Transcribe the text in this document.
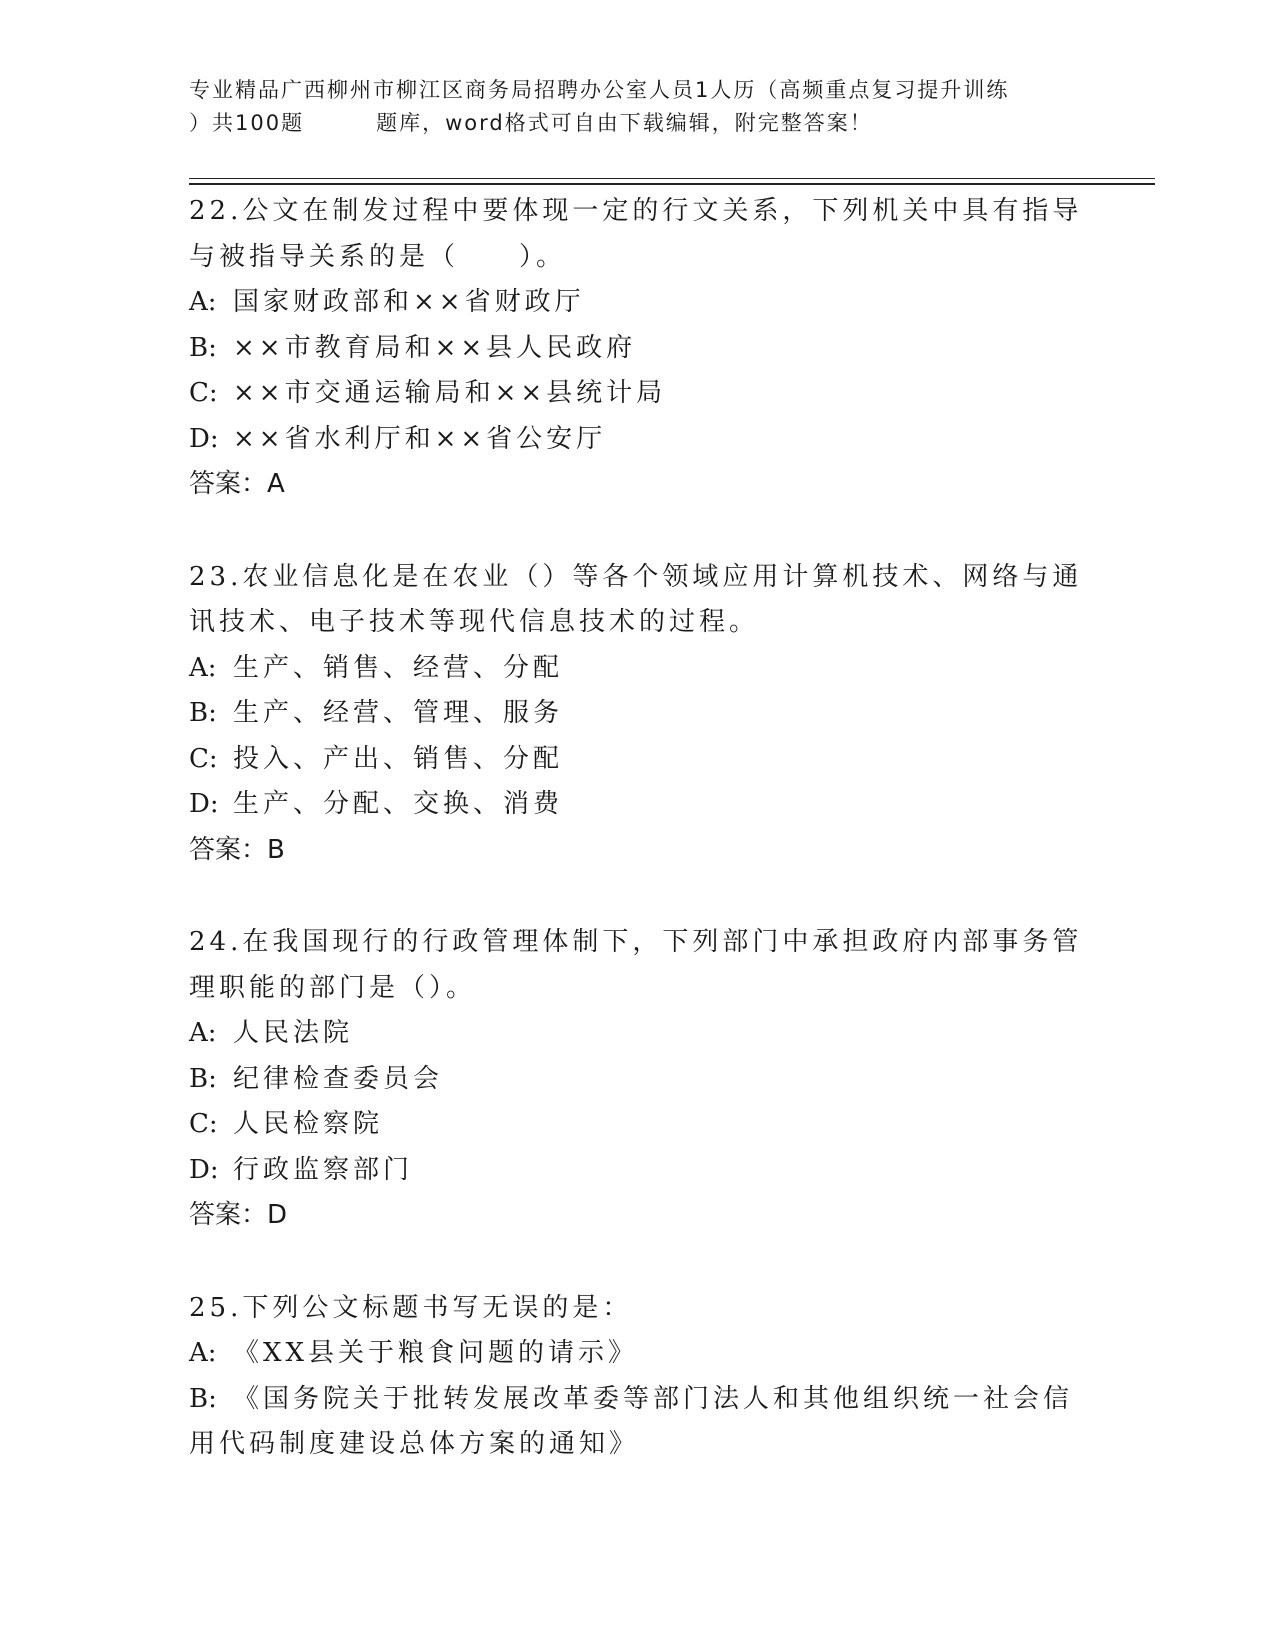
专业精品广西柳州市柳江区商务局招聘办公室人员1人历（高频重点复习提升训练
）共100题	题库，word格式可自由下载编辑，附完整答案！

22.公文在制发过程中要体现一定的行文关系，下列机关中具有指导与被指导关系的是（　　）。

A: 国家财政部和××省财政厅

B: ××市教育局和××县人民政府

C: ××市交通运输局和××县统计局

D: ××省水利厅和××省公安厅

答案：A

23.农业信息化是在农业（）等各个领域应用计算机技术、网络与通讯技术、电子技术等现代信息技术的过程。

A: 生产、销售、经营、分配

B: 生产、经营、管理、服务

C: 投入、产出、销售、分配

D: 生产、分配、交换、消费

答案：B

24.在我国现行的行政管理体制下，下列部门中承担政府内部事务管理职能的部门是（）。

A: 人民法院

B: 纪律检查委员会

C: 人民检察院

D: 行政监察部门

答案：D

25.下列公文标题书写无误的是：

A: 《XX县关于粮食问题的请示》

B: 《国务院关于批转发展改革委等部门法人和其他组织统一社会信用代码制度建设总体方案的通知》
